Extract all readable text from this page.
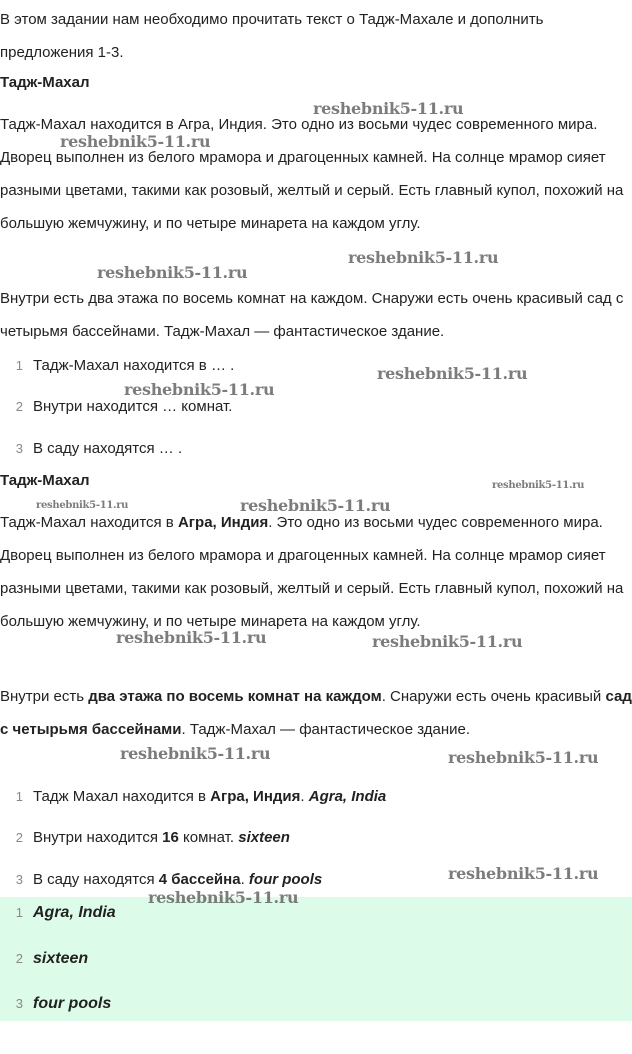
В этом задании нам необходимо прочитать текст о Тадж-Махале и дополнить предложения 1-3.

Тадж-Махал

Тадж-Махал находится в Агра, Индия. Это одно из восьми чудес современного мира. Дворец выполнен из белого мрамора и драгоценных камней. На солнце мрамор сияет разными цветами, такими как розовый, желтый и серый. Есть главный купол, похожий на большую жемчужину, и по четыре минарета на каждом углу.

Внутри есть два этажа по восемь комнат на каждом. Снаружи есть очень красивый сад с четырьмя бассейнами. Тадж-Махал — фантастическое здание.

1 Тадж-Махал находится в … .
2 Внутри находится … комнат.
3 В саду находятся … .

Тадж-Махал

Тадж-Махал находится в Агра, Индия. Это одно из восьми чудес современного мира. Дворец выполнен из белого мрамора и драгоценных камней. На солнце мрамор сияет разными цветами, такими как розовый, желтый и серый. Есть главный купол, похожий на большую жемчужину, и по четыре минарета на каждом углу.

Внутри есть два этажа по восемь комнат на каждом. Снаружи есть очень красивый сад с четырьмя бассейнами. Тадж-Махал — фантастическое здание.

1 Тадж Махал находится в Агра, Индия. Agra, India
2 Внутри находится 16 комнат. sixteen
3 В саду находятся 4 бассейна. four pools
1 Agra, India
2 sixteen
3 four pools
reshebnik5-11.ru
reshebnik5-11.ru
reshebnik5-11.ru
reshebnik5-11.ru
reshebnik5-11.ru
reshebnik5-11.ru
reshebnik5-11.ru
reshebnik5-11.ru	reshebnik5-11.ru
reshebnik5-11.ru	reshebnik5-11.ru
reshebnik5-11.ru	reshebnik5-11.ru
reshebnik5-11.ru
reshebnik5-11.ru
